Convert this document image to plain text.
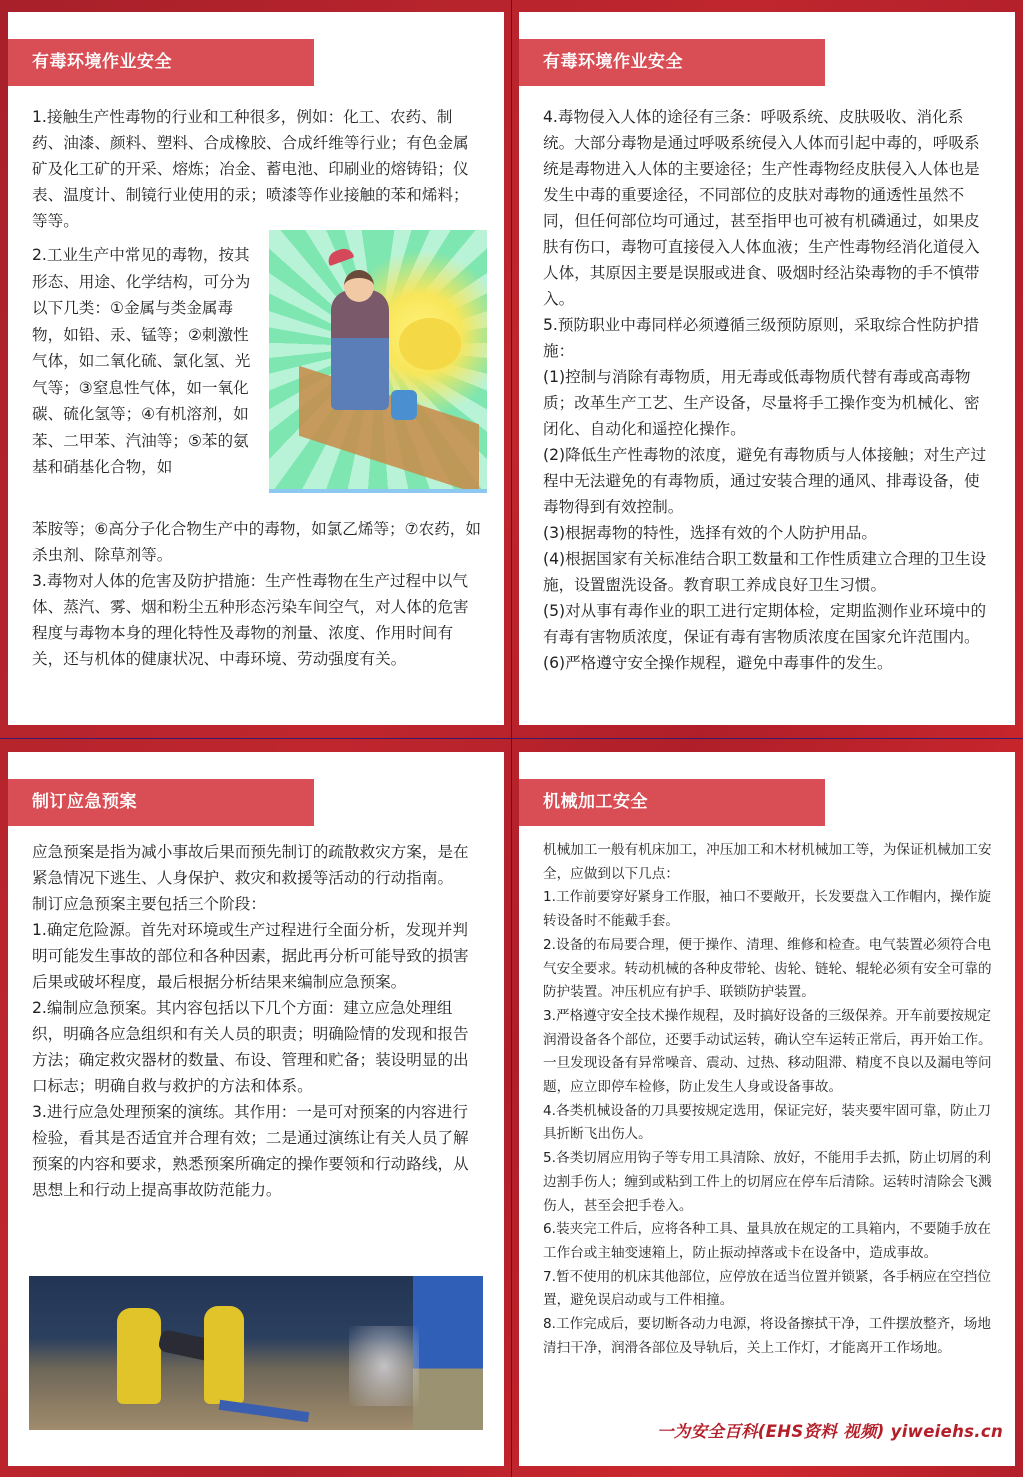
有毒环境作业安全
1.接触生产性毒物的行业和工种很多，例如：化工、农药、制药、油漆、颜料、塑料、合成橡胶、合成纤维等行业；有色金属矿及化工矿的开采、熔炼；冶金、蓄电池、印刷业的熔铸铅；仪表、温度计、制镜行业使用的汞；喷漆等作业接触的苯和烯料；等等。
2.工业生产中常见的毒物，按其形态、用途、化学结构，可分为以下几类：①金属与类金属毒物，如铅、汞、锰等；②刺激性气体，如二氧化硫、氯化氢、光气等；③窒息性气体，如一氧化碳、硫化氢等；④有机溶剂，如苯、二甲苯、汽油等；⑤苯的氨基和硝基化合物，如

苯胺等；⑥高分子化合物生产中的毒物，如氯乙烯等；⑦农药，如杀虫剂、除草剂等。

3.毒物对人体的危害及防护措施：生产性毒物在生产过程中以气体、蒸汽、雾、烟和粉尘五种形态污染车间空气，对人体的危害程度与毒物本身的理化特性及毒物的剂量、浓度、作用时间有关，还与机体的健康状况、中毒环境、劳动强度有关。

有毒环境作业安全

4.毒物侵入人体的途径有三条：呼吸系统、皮肤吸收、消化系统。大部分毒物是通过呼吸系统侵入人体而引起中毒的，呼吸系统是毒物进入人体的主要途径；生产性毒物经皮肤侵入人体也是发生中毒的重要途径，不同部位的皮肤对毒物的通透性虽然不同，但任何部位均可通过，甚至指甲也可被有机磷通过，如果皮肤有伤口，毒物可直接侵入人体血液；生产性毒物经消化道侵入人体，其原因主要是误服或进食、吸烟时经沾染毒物的手不慎带入。

5.预防职业中毒同样必须遵循三级预防原则，采取综合性防护措施：

(1)控制与消除有毒物质，用无毒或低毒物质代替有毒或高毒物质；改革生产工艺、生产设备，尽量将手工操作变为机械化、密闭化、自动化和遥控化操作。

(2)降低生产性毒物的浓度，避免有毒物质与人体接触；对生产过程中无法避免的有毒物质，通过安装合理的通风、排毒设备，使毒物得到有效控制。

(3)根据毒物的特性，选择有效的个人防护用品。

(4)根据国家有关标准结合职工数量和工作性质建立合理的卫生设施，设置盥洗设备。教育职工养成良好卫生习惯。

(5)对从事有毒作业的职工进行定期体检，定期监测作业环境中的有毒有害物质浓度，保证有毒有害物质浓度在国家允许范围内。

(6)严格遵守安全操作规程，避免中毒事件的发生。

制订应急预案

应急预案是指为减小事故后果而预先制订的疏散救灾方案，是在紧急情况下逃生、人身保护、救灾和救援等活动的行动指南。

制订应急预案主要包括三个阶段：

1.确定危险源。首先对环境或生产过程进行全面分析，发现并判明可能发生事故的部位和各种因素，据此再分析可能导致的损害后果或破坏程度，最后根据分析结果来编制应急预案。

2.编制应急预案。其内容包括以下几个方面：建立应急处理组织，明确各应急组织和有关人员的职责；明确险情的发现和报告方法；确定救灾器材的数量、布设、管理和贮备；装设明显的出口标志；明确自救与救护的方法和体系。

3.进行应急处理预案的演练。其作用：一是可对预案的内容进行检验，看其是否适宜并合理有效；二是通过演练让有关人员了解预案的内容和要求，熟悉预案所确定的操作要领和行动路线，从思想上和行动上提高事故防范能力。

机械加工安全

机械加工一般有机床加工，冲压加工和木材机械加工等，为保证机械加工安全，应做到以下几点：

1.工作前要穿好紧身工作服，袖口不要敞开，长发要盘入工作帽内，操作旋转设备时不能戴手套。

2.设备的布局要合理，便于操作、清理、维修和检查。电气装置必须符合电气安全要求。转动机械的各种皮带轮、齿轮、链轮、辊轮必须有安全可靠的防护装置。冲压机应有护手、联锁防护装置。

3.严格遵守安全技术操作规程，及时搞好设备的三级保养。开车前要按规定润滑设备各个部位，还要手动试运转，确认空车运转正常后，再开始工作。一旦发现设备有异常噪音、震动、过热、移动阻滞、精度不良以及漏电等问题，应立即停车检修，防止发生人身或设备事故。

4.各类机械设备的刀具要按规定选用，保证完好，装夹要牢固可靠，防止刀具折断飞出伤人。

5.各类切屑应用钩子等专用工具清除、放好，不能用手去抓，防止切屑的利边割手伤人；缠到或粘到工件上的切屑应在停车后清除。运转时清除会飞溅伤人，甚至会把手卷入。

6.装夹完工件后，应将各种工具、量具放在规定的工具箱内，不要随手放在工作台或主轴变速箱上，防止振动掉落或卡在设备中，造成事故。

7.暂不使用的机床其他部位，应停放在适当位置并锁紧，各手柄应在空挡位置，避免误启动或与工件相撞。

8.工作完成后，要切断各动力电源，将设备擦拭干净，工件摆放整齐，场地清扫干净，润滑各部位及导轨后，关上工作灯，才能离开工作场地。

一为安全百科(EHS资料 视频) yiweiehs.cn
